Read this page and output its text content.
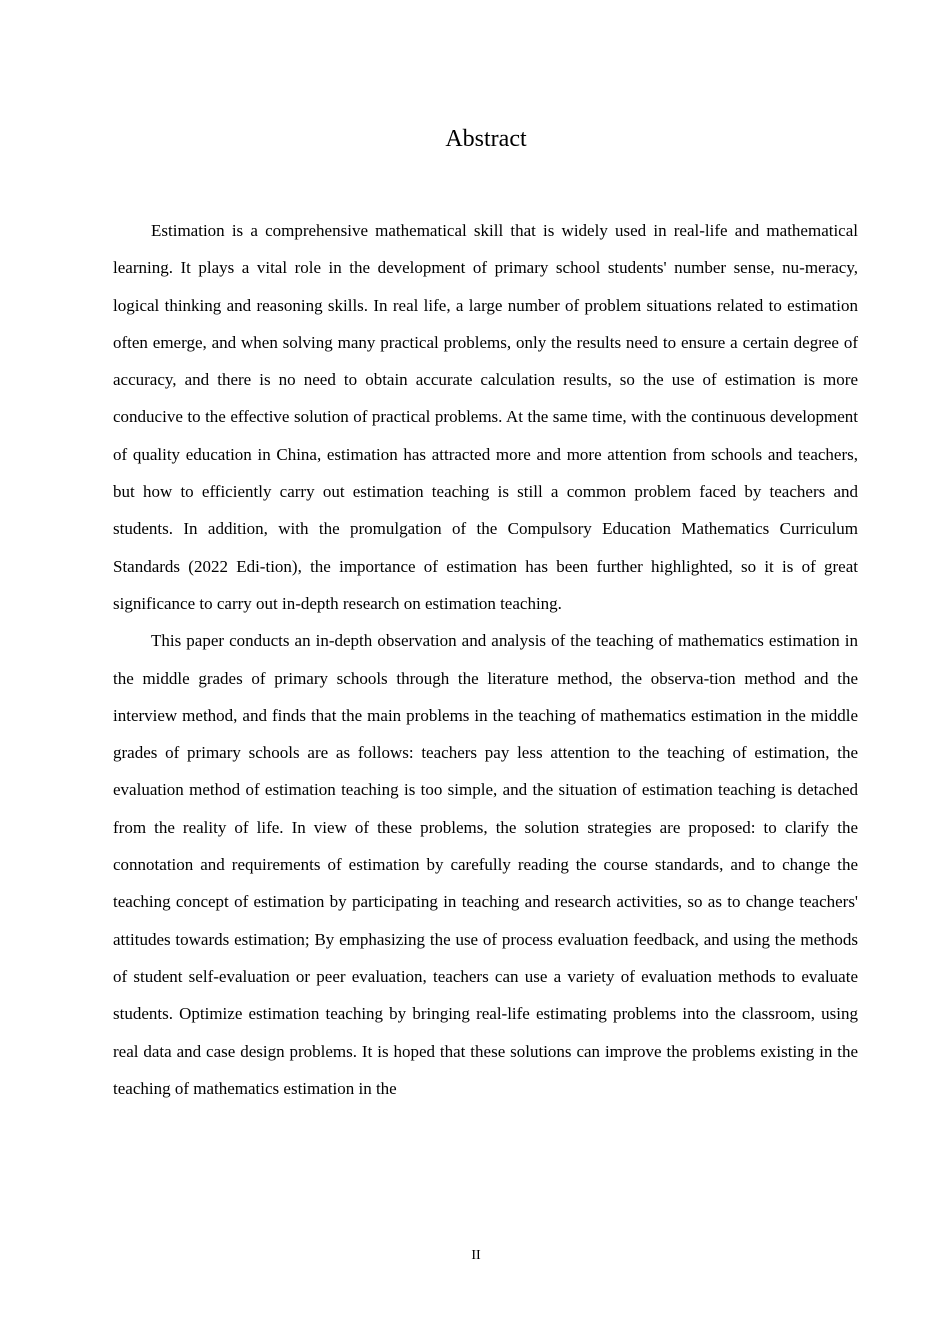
Abstract

Estimation is a comprehensive mathematical skill that is widely used in real-life and mathematical learning. It plays a vital role in the development of primary school students' number sense, nu-meracy, logical thinking and reasoning skills. In real life, a large number of problem situations related to estimation often emerge, and when solving many practical problems, only the results need to ensure a certain degree of accuracy, and there is no need to obtain accurate calculation results, so the use of estimation is more conducive to the effective solution of practical problems. At the same time, with the continuous development of quality education in China, estimation has attracted more and more attention from schools and teachers, but how to efficiently carry out estimation teaching is still a common problem faced by teachers and students. In addition, with the promulgation of the Compulsory Education Mathematics Curriculum Standards (2022 Edi-tion), the importance of estimation has been further highlighted, so it is of great significance to carry out in-depth research on estimation teaching.

This paper conducts an in-depth observation and analysis of the teaching of mathematics estimation in the middle grades of primary schools through the literature method, the observa-tion method and the interview method, and finds that the main problems in the teaching of mathematics estimation in the middle grades of primary schools are as follows: teachers pay less attention to the teaching of estimation, the evaluation method of estimation teaching is too simple, and the situation of estimation teaching is detached from the reality of life. In view of these problems, the solution strategies are proposed: to clarify the connotation and requirements of estimation by carefully reading the course standards, and to change the teaching concept of estimation by participating in teaching and research activities, so as to change teachers' attitudes towards estimation; By emphasizing the use of process evaluation feedback, and using the methods of student self-evaluation or peer evaluation, teachers can use a variety of evaluation methods to evaluate students. Optimize estimation teaching by bringing real-life estimating problems into the classroom, using real data and case design problems. It is hoped that these solutions can improve the problems existing in the teaching of mathematics estimation in the

II
